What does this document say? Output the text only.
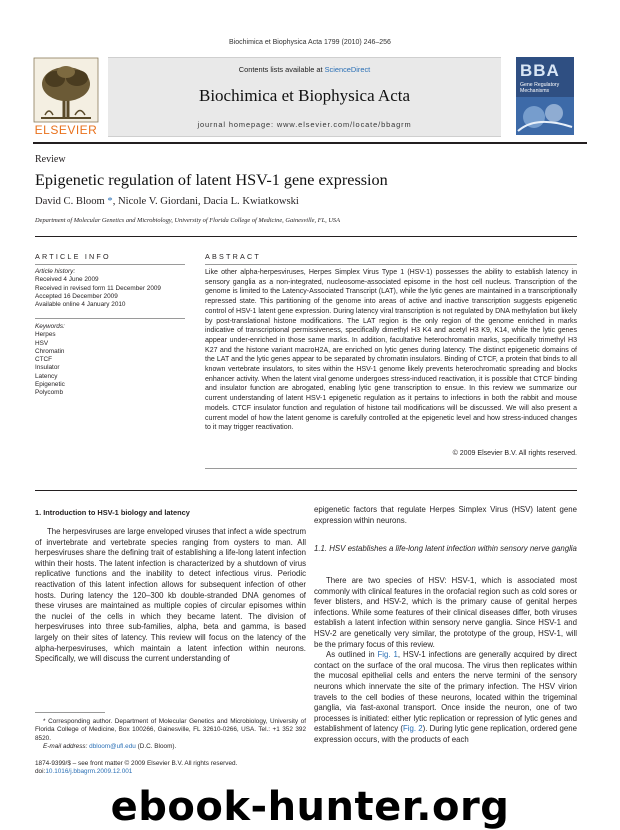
Biochimica et Biophysica Acta 1799 (2010) 246–256
ELSEVIER
Contents lists available at ScienceDirect
Biochimica et Biophysica Acta
journal homepage: www.elsevier.com/locate/bbagrm
BBA
Gene Regulatory
Mechanisms
Review
Epigenetic regulation of latent HSV-1 gene expression
David C. Bloom *, Nicole V. Giordani, Dacia L. Kwiatkowski
Department of Molecular Genetics and Microbiology, University of Florida College of Medicine, Gainesville, FL, USA
ARTICLE INFO
Article history:
Received 4 June 2009
Received in revised form 11 December 2009
Accepted 16 December 2009
Available online 4 January 2010
Keywords:
Herpes
HSV
Chromatin
CTCF
Insulator
Latency
Epigenetic
Polycomb
ABSTRACT
Like other alpha-herpesviruses, Herpes Simplex Virus Type 1 (HSV-1) possesses the ability to establish latency in sensory ganglia as a non-integrated, nucleosome-associated episome in the host cell nucleus. Transcription of the genome is limited to the Latency-Associated Transcript (LAT), while the lytic genes are maintained in a transcriptionally repressed state. This partitioning of the genome into areas of active and inactive transcription suggests epigenetic control of HSV-1 latent gene expression. During latency viral transcription is not regulated by DNA methylation but likely by post-translational histone modifications. The LAT region is the only region of the genome enriched in marks indicative of transcriptional permissiveness, specifically dimethyl H3 K4 and acetyl H3 K9, K14, while the lytic genes appear under-enriched in those same marks. In addition, facultative heterochromatin marks, specifically trimethyl H3 K27 and the histone variant macroH2A, are enriched on lytic genes during latency. The distinct epigenetic domains of the LAT and the lytic genes appear to be separated by chromatin insulators. Binding of CTCF, a protein that binds to all known vertebrate insulators, to sites within the HSV-1 genome likely prevents heterochromatic spreading and blocks enhancer activity. When the latent viral genome undergoes stress-induced reactivation, it is possible that CTCF binding and insulator function are abrogated, enabling lytic gene transcription to ensue. In this review we summarize our current understanding of latent HSV-1 epigenetic regulation as it pertains to infections in both the rabbit and mouse models. CTCF insulator function and regulation of histone tail modifications will be discussed. We will also present a current model of how the latent genome is carefully controlled at the epigenetic level and how stress-induced changes to it may trigger reactivation.
© 2009 Elsevier B.V. All rights reserved.
1. Introduction to HSV-1 biology and latency

The herpesviruses are large enveloped viruses that infect a wide spectrum of invertebrate and vertebrate species ranging from oysters to man. All herpesviruses share the defining trait of establishing a life-long latent infection within their hosts. The latent infection is characterized by a shutdown of virus replicative functions and the inability to detect infectious virus. Periodic reactivation of this latent infection allows for subsequent infection of other hosts. During latency the 120–300 kb double-stranded DNA genomes of these viruses are maintained as multiple copies of circular episomes within the nuclei of the cells in which they became latent. The division of herpesviruses into three sub-families, alpha, beta and gamma, is based largely on their sites of latency. This review will focus on the latency of the alpha-herpesviruses, which maintain a latent infection within neurons. Specifically, we will discuss the current understanding of

epigenetic factors that regulate Herpes Simplex Virus (HSV) latent gene expression within neurons.

1.1. HSV establishes a life-long latent infection within sensory nerve ganglia

There are two species of HSV: HSV-1, which is associated most commonly with clinical features in the orofacial region such as cold sores or fever blisters, and HSV-2, which is the primary cause of genital herpes infections. While some features of their clinical diseases differ, both viruses establish a latent infection within sensory nerve ganglia. Since HSV-1 and HSV-2 are genetically very similar, the prototype of the group, HSV-1, will be the primary focus of this review.

As outlined in Fig. 1, HSV-1 infections are generally acquired by direct contact on the surface of the oral mucosa. The virus then replicates within the mucosal epithelial cells and enters the nerve termini of the sensory neurons which innervate the site of the primary infection. The HSV virion travels to the cell bodies of these neurons, located within the trigeminal ganglia, via fast-axonal transport. Once inside the neuron, one of two processes is initiated: either lytic replication or repression of lytic genes and establishment of latency (Fig. 2). During lytic gene replication, ordered gene expression occurs, with the products of each

* Corresponding author. Department of Molecular Genetics and Microbiology, University of Florida College of Medicine, Box 100266, Gainesville, FL 32610-0266, USA. Tel.: +1 352 392 8520.
E-mail address: dbloom@ufl.edu (D.C. Bloom).
1874-9399/$ – see front matter © 2009 Elsevier B.V. All rights reserved.
doi:10.1016/j.bbagrm.2009.12.001
ebook-hunter.org
